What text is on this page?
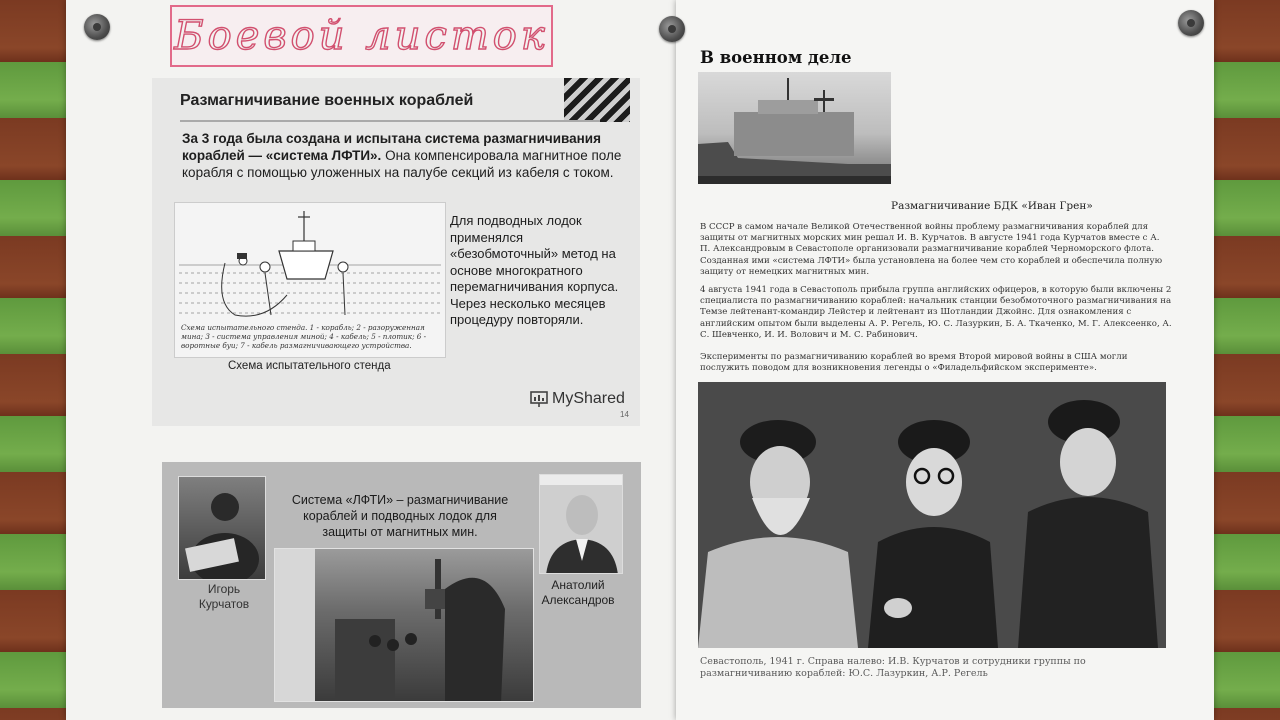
Боевой листок
Размагничивание военных кораблей
За 3 года была создана и испытана система размагничивания кораблей — «система ЛФТИ». Она компенсировала магнитное поле корабля с помощью уложенных на палубе секций из кабеля с током.
Схема испытательного стенда. 1 - корабль; 2 - разоруженная мина; 3 - система управления миной; 4 - кабель; 5 - плотик; 6 - воротные буи; 7 - кабель размагничивающего устройства.
Схема испытательного стенда
Для подводных лодок применялся «безобмоточный» метод на основе многократного перемагничивания корпуса. Через несколько месяцев процедуру повторяли.
MyShared
14
Система «ЛФТИ» – размагничивание кораблей и подводных лодок для защиты от магнитных мин.
Игорь Курчатов
Анатолий Александров
В военном деле
Размагничивание БДК «Иван Грен»
В СССР в самом начале Великой Отечественной войны проблему размагничивания кораблей для защиты от магнитных морских мин решал И. В. Курчатов. В августе 1941 года Курчатов вместе с А. П. Александровым в Севастополе организовали размагничивание кораблей Черноморского флота. Созданная ими «система ЛФТИ» была установлена на более чем сто кораблей и обеспечила полную защиту от немецких магнитных мин.
4 августа 1941 года в Севастополь прибыла группа английских офицеров, в которую были включены 2 специалиста по размагничиванию кораблей: начальник станции безобмоточного размагничивания на Темзе лейтенант-командир Лейстер и лейтенант из Шотландии Джойнс. Для ознакомления с английским опытом были выделены А. Р. Регель, Ю. С. Лазуркин, Б. А. Ткаченко, М. Г. Алексеенко, А. С. Шевченко, И. И. Волович и М. С. Рабинович.
Эксперименты по размагничиванию кораблей во время Второй мировой войны в США могли послужить поводом для возникновения легенды о «Филадельфийском эксперименте».
Севастополь, 1941 г. Справа налево: И.В. Курчатов и сотрудники группы по размагничиванию кораблей: Ю.С. Лазуркин, А.Р. Регель
